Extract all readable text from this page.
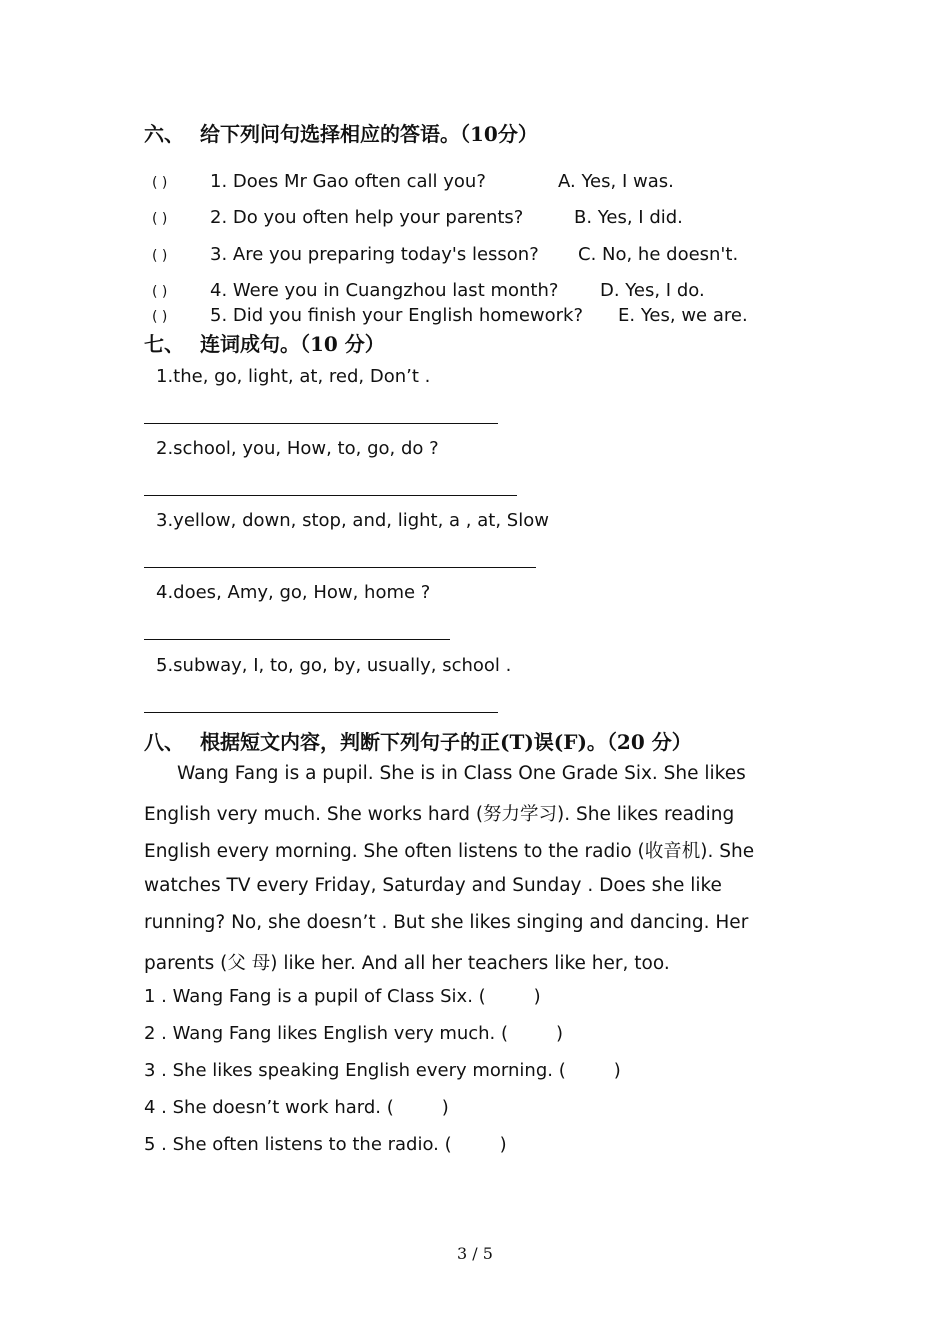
六、 给下列问句选择相应的答语。（10分）
( ) 1. Does Mr Gao often call you?	A. Yes, I was.
( ) 2. Do you often help your parents?	B. Yes, I did.
( ) 3. Are you preparing today's lesson? C. No, he doesn't.
( ) 4. Were you in Cuangzhou last month? D. Yes, I do.
( ) 5. Did you finish your English homework? E. Yes, we are.
七、 连词成句。（10 分）
1.the, go, light, at, red, Don’t .
2.school, you, How, to, go, do ?
3.yellow, down, stop, and, light, a , at, Slow
4.does, Amy, go, How, home ?
5.subway, I, to, go, by, usually, school .
八、 根据短文内容，判断下列句子的正(T)误(F)。（20 分）
Wang Fang is a pupil. She is in Class One Grade Six. She likes
English very much. She works hard (努力学习). She likes reading
English every morning. She often listens to the radio (收音机). She
watches TV every Friday, Saturday and Sunday . Does she like
running? No, she doesn’t . But she likes singing and dancing. Her
parents (父 母) like her. And all her teachers like her, too.
1 . Wang Fang is a pupil of Class Six. (	)
2 . Wang Fang likes English very much. (	)
3 . She likes speaking English every morning. (	)
4 . She doesn’t work hard. (	)
5 . She often listens to the radio. (	)
3 / 5
